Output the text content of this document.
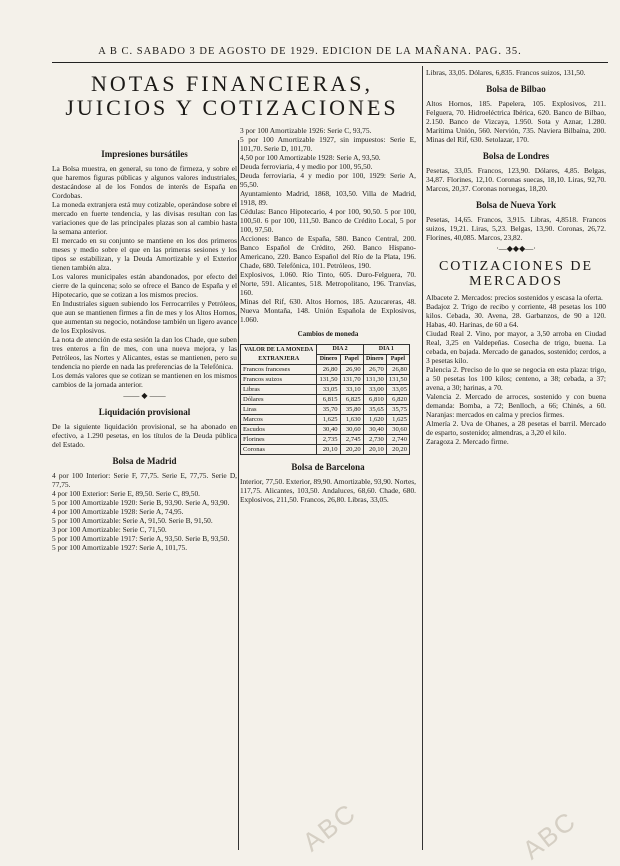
ABC	ABC
A B C. SABADO 3 DE AGOSTO DE 1929. EDICION DE LA MAÑANA. PAG. 35.
NOTAS FINANCIERAS, JUICIOS Y COTIZACIONES
Impresiones bursátiles

La Bolsa muestra, en general, su tono de firmeza, y sobre el que haremos figuras públicas y algunos valores industriales, destacándose al de los Fondos de interés de España en Cordobas.

La moneda extranjera está muy cotizable, operándose sobre el mercado en fuerte tendencia, y las divisas resultan con las variaciones que de las principales plazas son al cambio hasta la semana anterior.

El mercado en su conjunto se mantiene en los dos primeros meses y medio sobre el que en las primeras sesiones y los tipos se estabilizan, y la Deuda Amortizable y el Exterior tienen también alza.

Los valores municipales están abandonados, por efecto del cierre de la quincena; solo se ofrece el Banco de España y el Hipotecario, que se cotizan a los mismos precios.

En Industriales siguen subiendo los Ferrocarriles y Petróleos, que aun se mantienen firmes a fin de mes y los Altos Hornos, que aumentan su negocio, notándose también un ligero avance de los Explosivos.

La nota de atención de esta sesión la dan los Chade, que suben tres enteros a fin de mes, con una nueva mejora, y las Petróleos, las Nortes y Alicantes, estas se mantienen, pero su tendencia no pierde en nada las preferencias de la Telefónica.

Los demás valores que se cotizan se mantienen en los mismos cambios de la jornada anterior.

—— ◆ ——
Liquidación provisional

De la siguiente liquidación provisional, se ha abonado en efectivo, a 1.290 pesetas, en los títulos de la Deuda pública del Estado.

Bolsa de Madrid

4 por 100 Interior: Serie F, 77,75. Serie E, 77,75. Serie D, 77,75.

4 por 100 Exterior: Serie E, 89,50. Serie C, 89,50.

5 por 100 Amortizable 1920: Serie B, 93,90. Serie A, 93,90.

4 por 100 Amortizable 1928: Serie A, 74,95.

5 por 100 Amortizable: Serie A, 91,50. Serie B, 91,50.

3 por 100 Amortizable: Serie C, 71,50.

5 por 100 Amortizable 1917: Serie A, 93,50. Serie B, 93,50.

5 por 100 Amortizable 1927: Serie A, 101,75.

3 por 100 Amortizable 1926: Serie C, 93,75.

5 por 100 Amortizable 1927, sin impuestos: Serie E, 101,70. Serie D, 101,70.

4,50 por 100 Amortizable 1928: Serie A, 93,50.

Deuda ferroviaria, 4 y medio por 100, 95,50.

Deuda ferroviaria, 4 y medio por 100, 1929: Serie A, 95,50.

Ayuntamiento Madrid, 1868, 103,50. Villa de Madrid, 1918, 89.

Cédulas: Banco Hipotecario, 4 por 100, 90,50. 5 por 100, 100,50. 6 por 100, 111,50. Banco de Crédito Local, 5 por 100, 97,50.

Acciones: Banco de España, 580. Banco Central, 200. Banco Español de Crédito, 260. Banco Hispano-Americano, 220. Banco Español del Río de la Plata, 196. Chade, 680. Telefónica, 101. Petróleos, 190.

Explosivos, 1.060. Río Tinto, 605. Duro-Felguera, 70. Norte, 591. Alicantes, 518. Metropolitano, 196. Tranvías, 160.

Minas del Rif, 630. Altos Hornos, 185. Azucareras, 48. Nueva Montaña, 148. Unión Española de Explosivos, 1.060.

Cambios de moneda
VALOR DE LA MONEDA EXTRANJERA	DIA 2		DIA 1	
	Dinero	Papel	Dinero	Papel
Francos franceses	26,80	26,90	26,70	26,80
Francos suizos	131,50	131,70	131,30	131,50
Libras	33,05	33,10	33,00	33,05
Dólares	6,815	6,825	6,810	6,820
Liras	35,70	35,80	35,65	35,75
Marcos	1,625	1,630	1,620	1,625
Escudos	30,40	30,60	30,40	30,60
Florines	2,735	2,745	2,730	2,740
Coronas	20,10	20,20	20,10	20,20
Bolsa de Barcelona

Interior, 77,50. Exterior, 89,90. Amortizable, 93,90. Nortes, 117,75. Alicantes, 103,50. Andaluces, 68,60. Chade, 680. Explosivos, 211,50. Francos, 26,80. Libras, 33,05.

Libras, 33,05. Dólares, 6,835. Francos suizos, 131,50.

Bolsa de Bilbao

Altos Hornos, 185. Papelera, 105. Explosivos, 211. Felguera, 70. Hidroeléctrica Ibérica, 620. Banco de Bilbao, 2.150. Banco de Vizcaya, 1.950. Sota y Aznar, 1.280. Marítima Unión, 560. Nervión, 735. Naviera Bilbaína, 200. Minas del Rif, 630. Setolazar, 170.

Bolsa de Londres

Pesetas, 33,05. Francos, 123,90. Dólares, 4,85. Belgas, 34,87. Florines, 12,10. Coronas suecas, 18,10. Liras, 92,70. Marcos, 20,37. Coronas noruegas, 18,20.

Bolsa de Nueva York

Pesetas, 14,65. Francos, 3,915. Libras, 4,8518. Francos suizos, 19,21. Liras, 5,23. Belgas, 13,90. Coronas, 26,72. Florines, 40,085. Marcos, 23,82.

·—◆◆◆—·
COTIZACIONES DE MERCADOS

Albacete 2. Mercados: precios sostenidos y escasa la oferta.

Badajoz 2. Trigo de recibo y corriente, 48 pesetas los 100 kilos. Cebada, 30. Avena, 28. Garbanzos, de 90 a 120. Habas, 40. Harinas, de 60 a 64.

Ciudad Real 2. Vino, por mayor, a 3,50 arroba en Ciudad Real, 3,25 en Valdepeñas. Cosecha de trigo, buena. La cebada, en bajada. Mercado de ganados, sostenido; cerdos, a 3 pesetas kilo.

Palencia 2. Preciso de lo que se negocia en esta plaza: trigo, a 50 pesetas los 100 kilos; centeno, a 38; cebada, a 37; avena, a 30; harinas, a 70.

Valencia 2. Mercado de arroces, sostenido y con buena demanda: Bomba, a 72; Benlloch, a 66; Chinés, a 60. Naranjas: mercados en calma y precios firmes.

Almería 2. Uva de Ohanes, a 28 pesetas el barril. Mercado de esparto, sostenido; almendras, a 3,20 el kilo.

Zaragoza 2. Mercado firme.
